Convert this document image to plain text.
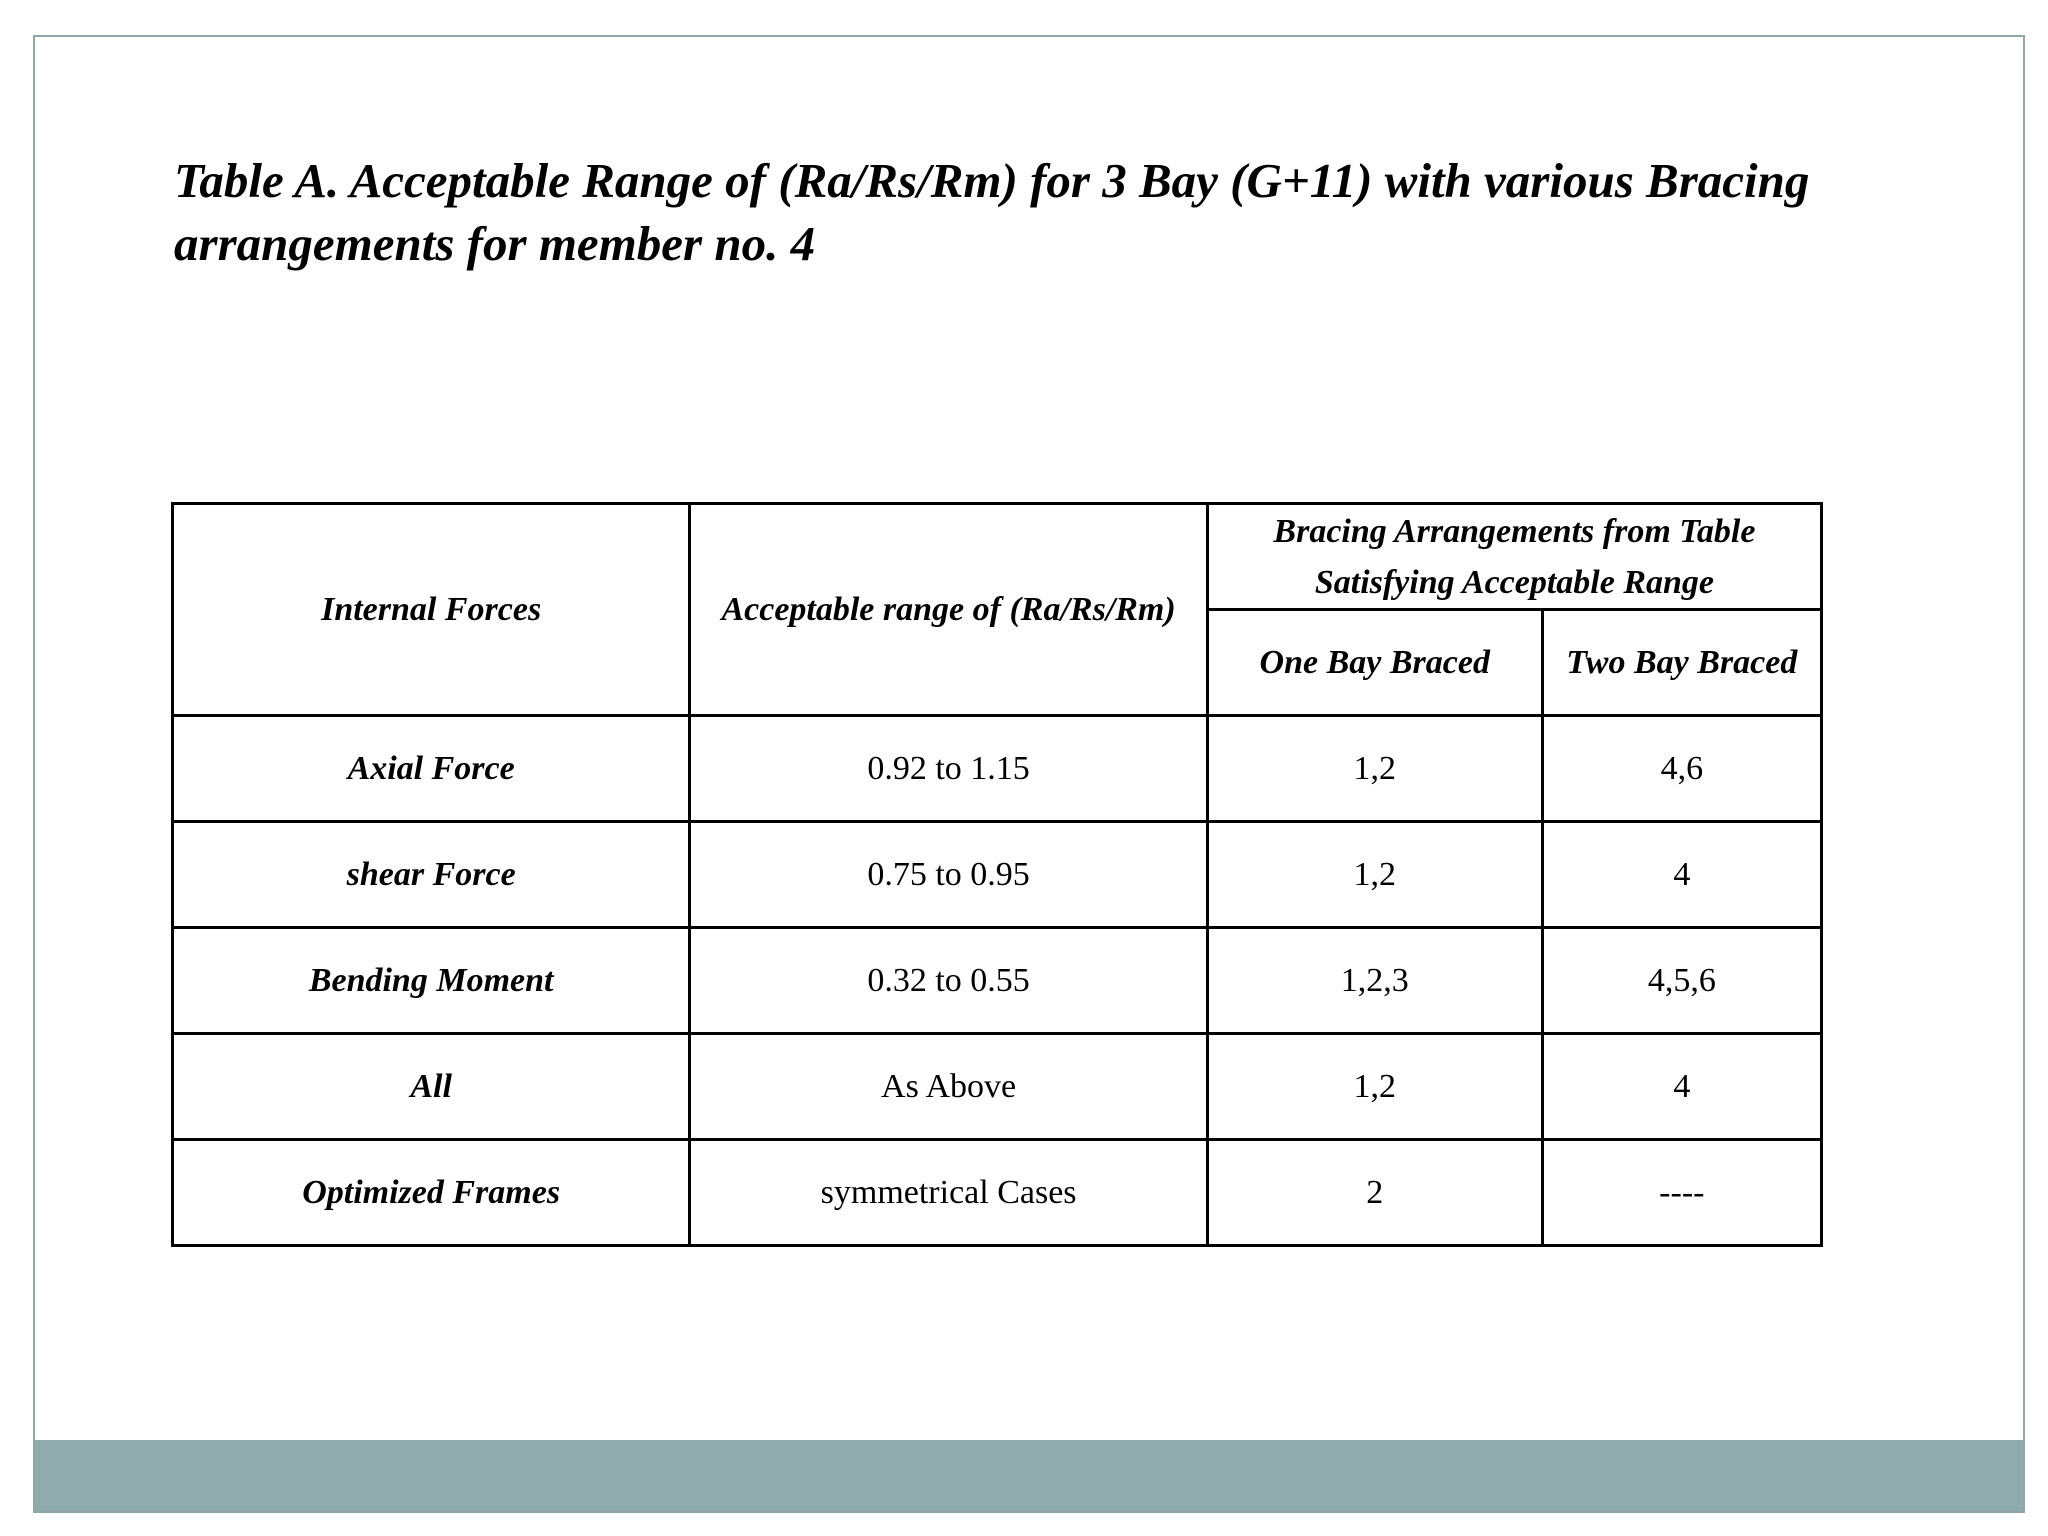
Table A. Acceptable Range of (Ra/Rs/Rm) for 3 Bay (G+11) with various Bracing arrangements for member no. 4
Internal Forces	Acceptable range of (Ra/Rs/Rm)	Bracing Arrangements from Table Satisfying Acceptable Range	
		One Bay Braced	Two Bay Braced
Axial Force	0.92 to 1.15	1,2	4,6
shear Force	0.75 to 0.95	1,2	4
Bending Moment	0.32 to 0.55	1,2,3	4,5,6
All	As Above	1,2	4
Optimized Frames	symmetrical Cases	2	----
